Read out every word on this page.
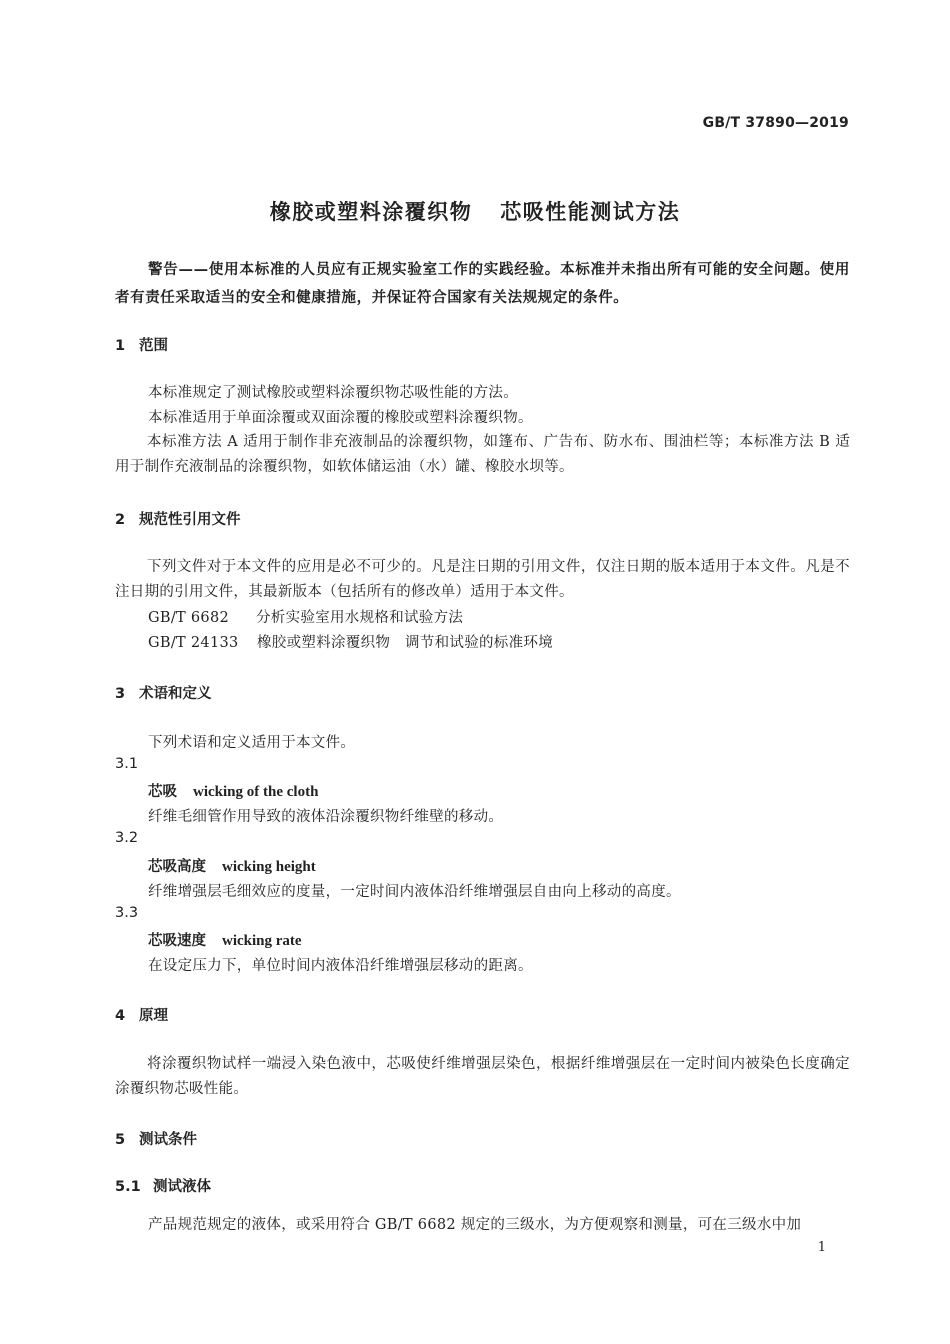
GB/T 37890—2019
橡胶或塑料涂覆织物 芯吸性能测试方法
警告——使用本标准的人员应有正规实验室工作的实践经验。本标准并未指出所有可能的安全问题。使用者有责任采取适当的安全和健康措施，并保证符合国家有关法规规定的条件。
1 范围
本标准规定了测试橡胶或塑料涂覆织物芯吸性能的方法。
本标准适用于单面涂覆或双面涂覆的橡胶或塑料涂覆织物。
本标准方法 A 适用于制作非充液制品的涂覆织物，如篷布、广告布、防水布、围油栏等；本标准方法 B 适用于制作充液制品的涂覆织物，如软体储运油（水）罐、橡胶水坝等。
2 规范性引用文件
下列文件对于本文件的应用是必不可少的。凡是注日期的引用文件，仅注日期的版本适用于本文件。凡是不注日期的引用文件，其最新版本（包括所有的修改单）适用于本文件。
GB/T 6682 分析实验室用水规格和试验方法
GB/T 24133 橡胶或塑料涂覆织物　调节和试验的标准环境
3 术语和定义
下列术语和定义适用于本文件。
3.1
芯吸 wicking of the cloth
纤维毛细管作用导致的液体沿涂覆织物纤维壁的移动。
3.2
芯吸高度 wicking height
纤维增强层毛细效应的度量，一定时间内液体沿纤维增强层自由向上移动的高度。
3.3
芯吸速度 wicking rate
在设定压力下，单位时间内液体沿纤维增强层移动的距离。
4 原理
将涂覆织物试样一端浸入染色液中，芯吸使纤维增强层染色，根据纤维增强层在一定时间内被染色长度确定涂覆织物芯吸性能。
5 测试条件
5.1 测试液体
产品规范规定的液体，或采用符合 GB/T 6682 规定的三级水，为方便观察和测量，可在三级水中加
1
